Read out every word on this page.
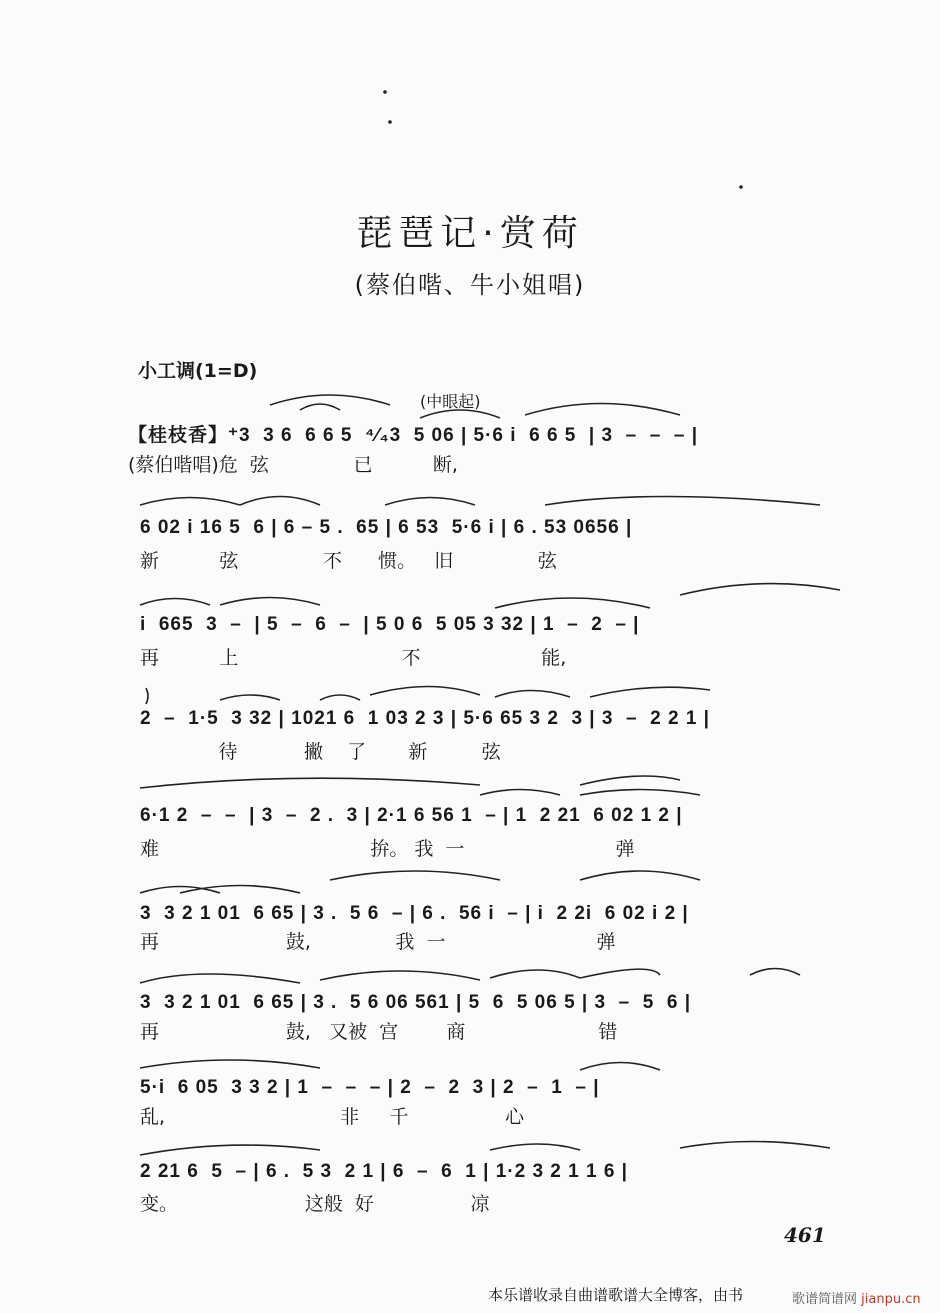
琵琶记·赏荷
(蔡伯喈、牛小姐唱)
小工调(1=D)
(中眼起)
【桂枝香】⁺3  3 6  6 6 5  ⁴⁄₄3  5 06 | 5·6 i  6 6 5  | 3  –  –  – |
(蔡伯喈唱)危  弦              已          断,
6 02 i 16 5  6 | 6 – 5 .  65 | 6 53  5·6 i | 6 . 53 0656 |
新          弦              不      惯。   旧              弦
i  665  3  –  | 5  –  6  –  | 5 0 6  5 05 3 32 | 1  –  2  – |
再          上                           不                    能,
2  –  1·5  3 32 | 1021 6  1 03 2 3 | 5·6 65 3 2  3 | 3  –  2 2 1 |
待           撇    了       新         弦
6·1 2  –  –  | 3  –  2 .  3 | 2·1 6 56 1  – | 1  2 21  6 02 1 2 |
难                                   拚。 我  一                         弹
3  3 2 1 01  6 65 | 3 .  5 6  – | 6 .  56 i  – | i  2 2i  6 02 i 2 |
再                     鼓,              我  一                         弹
3  3 2 1 01  6 65 | 3 .  5 6 06 561 | 5  6  5 06 5 | 3  –  5  6 |
再                     鼓,   又被  宫        商                      错
5·i  6 05  3 3 2 | 1  –  –  – | 2  –  2  3 | 2  –  1  – |
乱,                             非     千                心
2 21 6  5  – | 6 .  5 3  2 1 | 6  –  6  1 | 1·2 3 2 1 1 6 |
变。                     这般  好                凉
461
本乐谱收录自曲谱歌谱大全博客，由书	歌谱简谱网 jianpu.cn
